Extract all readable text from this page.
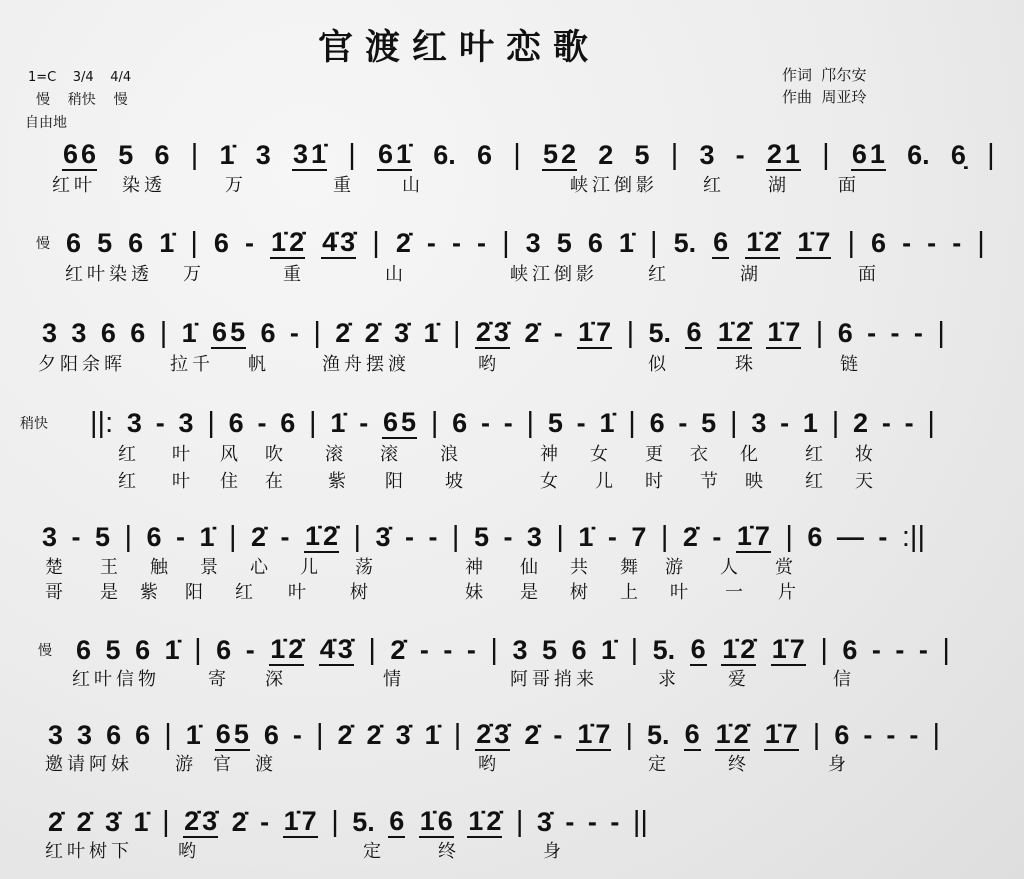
官渡红叶恋歌
1=C    3/4    4/4
慢    稍快    慢
自由地
作词  邝尔安
作曲  周亚玲
6 6 5 6 | 1̇ 3 3 1̇ | 6 1̇ 6. 6 | 5 2 2 5 | 3 - 2 1 | 6 1 6. 6̣ |
红叶 染透	万	重	山	峡江倒影	红 湖	面
慢 6 5 6 1̇ | 6 - 1̇ 2̇ 4̇ 3̇ | 2̇ - - - | 3 5 6 1̇ | 5. 6 1̇ 2̇ 1̇ 7 | 6 - - - |
红叶染透 万	重	山	峡江倒影	红	湖	面
3 3 6 6 | 1̇ 6 5 6 - | 2̇ 2̇ 3̇ 1̇ | 2̇ 3̇ 2̇ - 1̇ 7 | 5. 6 1̇ 2̇ 1̇ 7 | 6 - - - |
夕阳余晖 拉千 帆	渔舟摆渡	哟	似	珠	链
稍快 ||: 3 - 3 | 6 - 6 | 1̇ - 6 5 | 6 - - | 5 - 1̇ | 6 - 5 | 3 - 1 | 2 - - |
红 叶 风 吹 滚 滚 浪	神 女 更 衣 化 红 妆
红 叶 住 在 紫 阳 坡	女 儿 时 节 映 红 天
3 - 5 | 6 - 1̇ | 2̇ - 1̇ 2̇ | 3̇ - - | 5 - 3 | 1̇ - 7 | 2̇ - 1̇ 7 | 6 — - :||
楚 王 触 景 心 儿 荡	神 仙 共 舞 游 人 赏
哥 是 紫 阳 红 叶 树	妹 是 树 上 叶 一 片
慢 6 5 6 1̇ | 6 - 1̇ 2̇ 4̇ 3̇ | 2̇ - - - | 3 5 6 1̇ | 5. 6 1̇ 2̇ 1̇ 7 | 6 - - - |
红叶信物	寄 深	情	阿哥捎来	求	爱	信
3 3 6 6 | 1̇ 6 5 6 - | 2̇ 2̇ 3̇ 1̇ | 2̇ 3̇ 2̇ - 1̇ 7 | 5. 6 1̇ 2̇ 1̇ 7 | 6 - - - |
邀请阿妹 游 官 渡	哟	定	终	身
2̇ 2̇ 3̇ 1̇ | 2̇ 3̇ 2̇ - 1̇ 7 | 5. 6 1̇ 6 1̇ 2̇ | 3̇ - - - ||
红叶树下	哟	定	终	身
